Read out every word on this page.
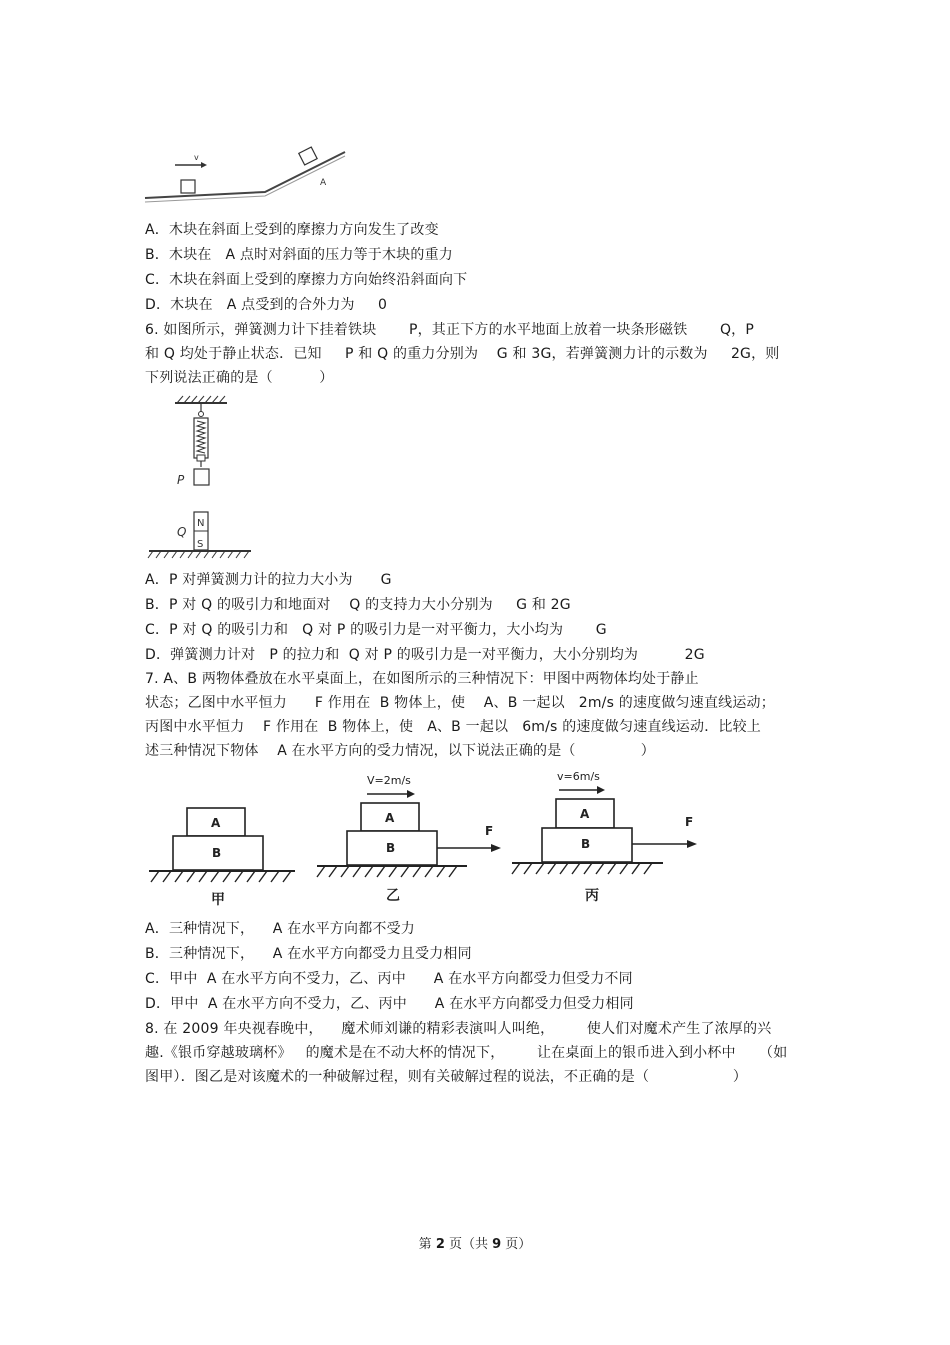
v
A
A．木块在斜面上受到的摩擦力方向发生了改变
B．木块在   A 点时对斜面的压力等于木块的重力
C．木块在斜面上受到的摩擦力方向始终沿斜面向下
D．木块在   A 点受到的合外力为     0
6. 如图所示，弹簧测力计下挂着铁块       P，其正下方的水平地面上放着一块条形磁铁       Q，P
和 Q 均处于静止状态．已知     P 和 Q 的重力分别为    G 和 3G，若弹簧测力计的示数为     2G，则
下列说法正确的是（          ）
P
N
S
Q
A．P 对弹簧测力计的拉力大小为      G
B．P 对 Q 的吸引力和地面对    Q 的支持力大小分别为     G 和 2G
C．P 对 Q 的吸引力和   Q 对 P 的吸引力是一对平衡力，大小均为       G
D．弹簧测力计对   P 的拉力和  Q 对 P 的吸引力是一对平衡力，大小分别均为          2G
7. A、B 两物体叠放在水平桌面上，在如图所示的三种情况下：甲图中两物体均处于静止
状态；乙图中水平恒力      F 作用在  B 物体上，使    A、B 一起以   2m/s 的速度做匀速直线运动；
丙图中水平恒力    F 作用在  B 物体上，使   A、B 一起以   6m/s 的速度做匀速直线运动．比较上
述三种情况下物体    A 在水平方向的受力情况，以下说法正确的是（              ）
A
B
甲
V=2m/s
A
B
F
乙
v=6m/s
A
B
F
丙
A．三种情况下，    A 在水平方向都不受力
B．三种情况下，    A 在水平方向都受力且受力相同
C．甲中  A 在水平方向不受力，乙、丙中      A 在水平方向都受力但受力不同
D．甲中  A 在水平方向不受力，乙、丙中      A 在水平方向都受力但受力相同
8. 在 2009 年央视春晚中，    魔术师刘谦的精彩表演叫人叫绝，       使人们对魔术产生了浓厚的兴
趣.《银币穿越玻璃杯》   的魔术是在不动大杯的情况下，       让在桌面上的银币进入到小杯中     （如
图甲）．图乙是对该魔术的一种破解过程，则有关破解过程的说法，不正确的是（                  ）
第 2 页（共 9 页）
